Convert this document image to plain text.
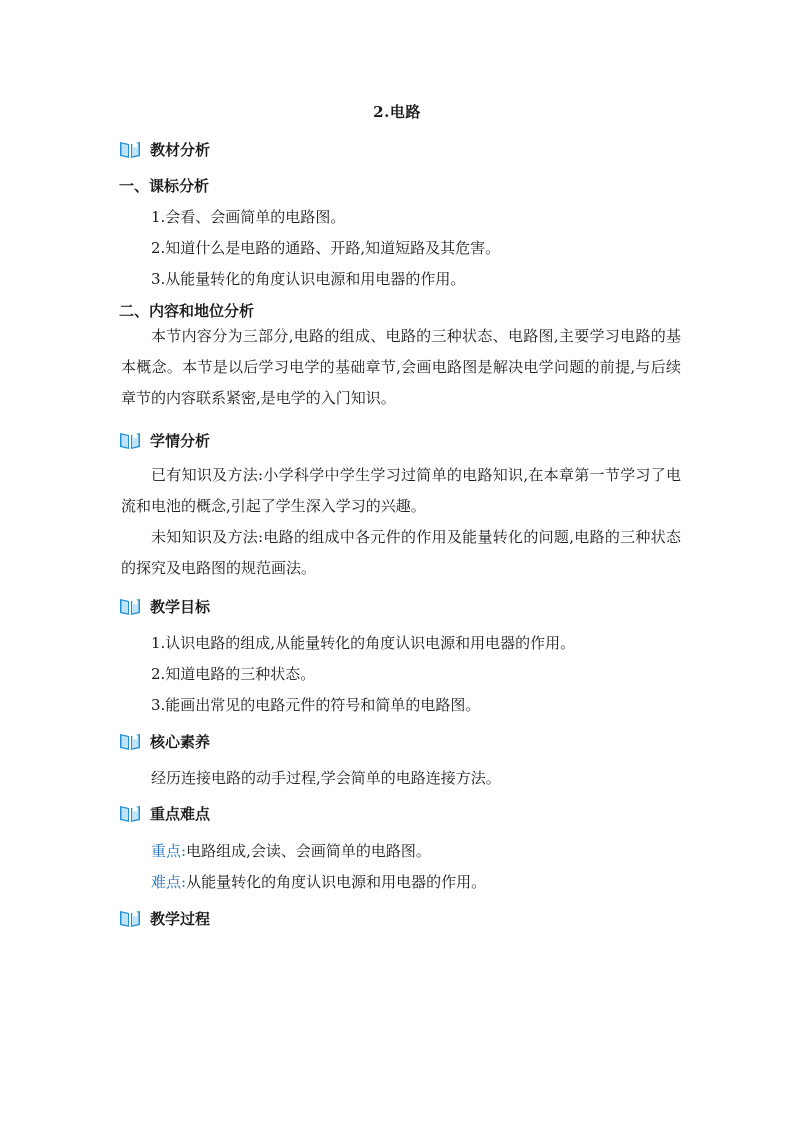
2.电路
教材分析
一、课标分析
1.会看、会画简单的电路图。
2.知道什么是电路的通路、开路,知道短路及其危害。
3.从能量转化的角度认识电源和用电器的作用。
二、内容和地位分析
本节内容分为三部分,电路的组成、电路的三种状态、电路图,主要学习电路的基本概念。本节是以后学习电学的基础章节,会画电路图是解决电学问题的前提,与后续章节的内容联系紧密,是电学的入门知识。
学情分析
已有知识及方法:小学科学中学生学习过简单的电路知识,在本章第一节学习了电流和电池的概念,引起了学生深入学习的兴趣。
未知知识及方法:电路的组成中各元件的作用及能量转化的问题,电路的三种状态的探究及电路图的规范画法。
教学目标
1.认识电路的组成,从能量转化的角度认识电源和用电器的作用。
2.知道电路的三种状态。
3.能画出常见的电路元件的符号和简单的电路图。
核心素养
经历连接电路的动手过程,学会简单的电路连接方法。
重点难点
重点:电路组成,会读、会画简单的电路图。
难点:从能量转化的角度认识电源和用电器的作用。
教学过程
